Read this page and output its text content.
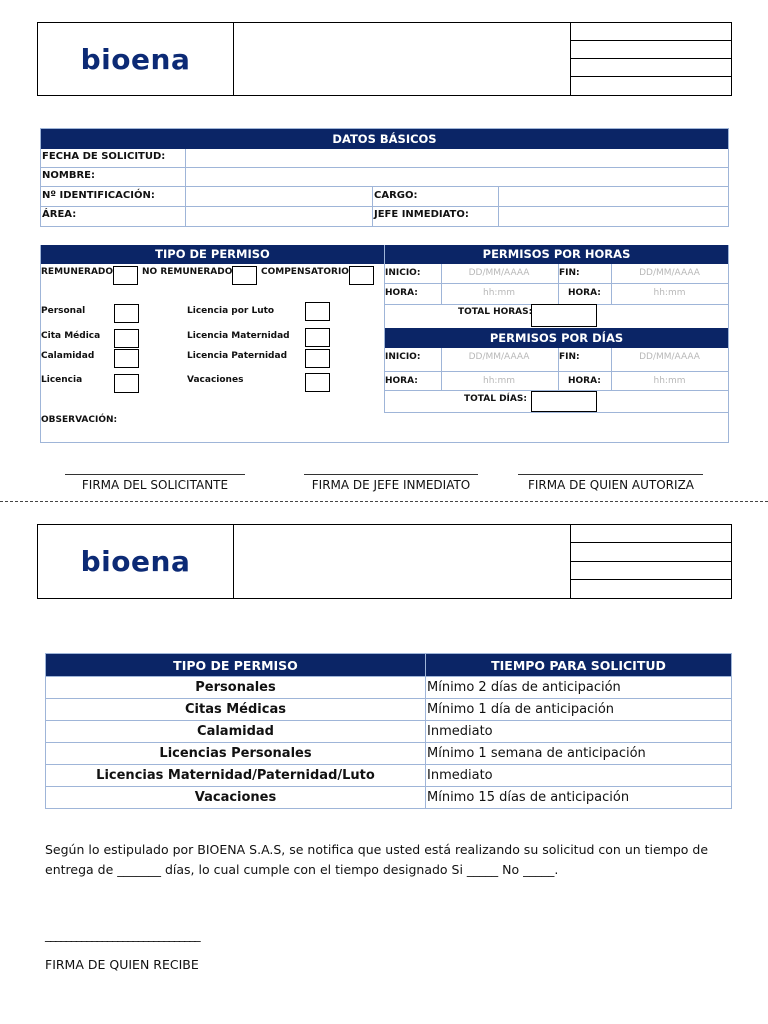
bioena
DATOS BÁSICOS
FECHA DE SOLICITUD:
NOMBRE:
Nº IDENTIFICACIÓN:	CARGO:
ÁREA:	JEFE INMEDIATO:
TIPO DE PERMISO
REMUNERADO	NO REMUNERADO	COMPENSATORIO
Personal	Licencia por Luto
Cita Médica	Licencia Maternidad
Calamidad	Licencia Paternidad
Licencia	Vacaciones
PERMISOS POR HORAS
PERMISOS POR DÍAS
INICIO:	DD/MM/AAAA	FIN:	DD/MM/AAAA
HORA:	hh:mm	HORA:	hh:mm
TOTAL HORAS:
INICIO:	DD/MM/AAAA	FIN:	DD/MM/AAAA
HORA:	hh:mm	HORA:	hh:mm
TOTAL DÍAS:
OBSERVACIÓN:
FIRMA DEL SOLICITANTE	FIRMA DE JEFE INMEDIATO	FIRMA DE QUIEN AUTORIZA
bioena
TIPO DE PERMISO	TIEMPO PARA SOLICITUD
Personales	Mínimo 2 días de anticipación
Citas Médicas	Mínimo 1 día de anticipación
Calamidad	Inmediato
Licencias Personales	Mínimo 1 semana de anticipación
Licencias Maternidad/Paternidad/Luto	Inmediato
Vacaciones	Mínimo 15 días de anticipación
Según lo estipulado por BIOENA S.A.S, se notifica que usted está realizando su solicitud con un tiempo de
entrega de _______ días, lo cual cumple con el tiempo designado Si _____ No _____.
______________________________
FIRMA DE QUIEN RECIBE
